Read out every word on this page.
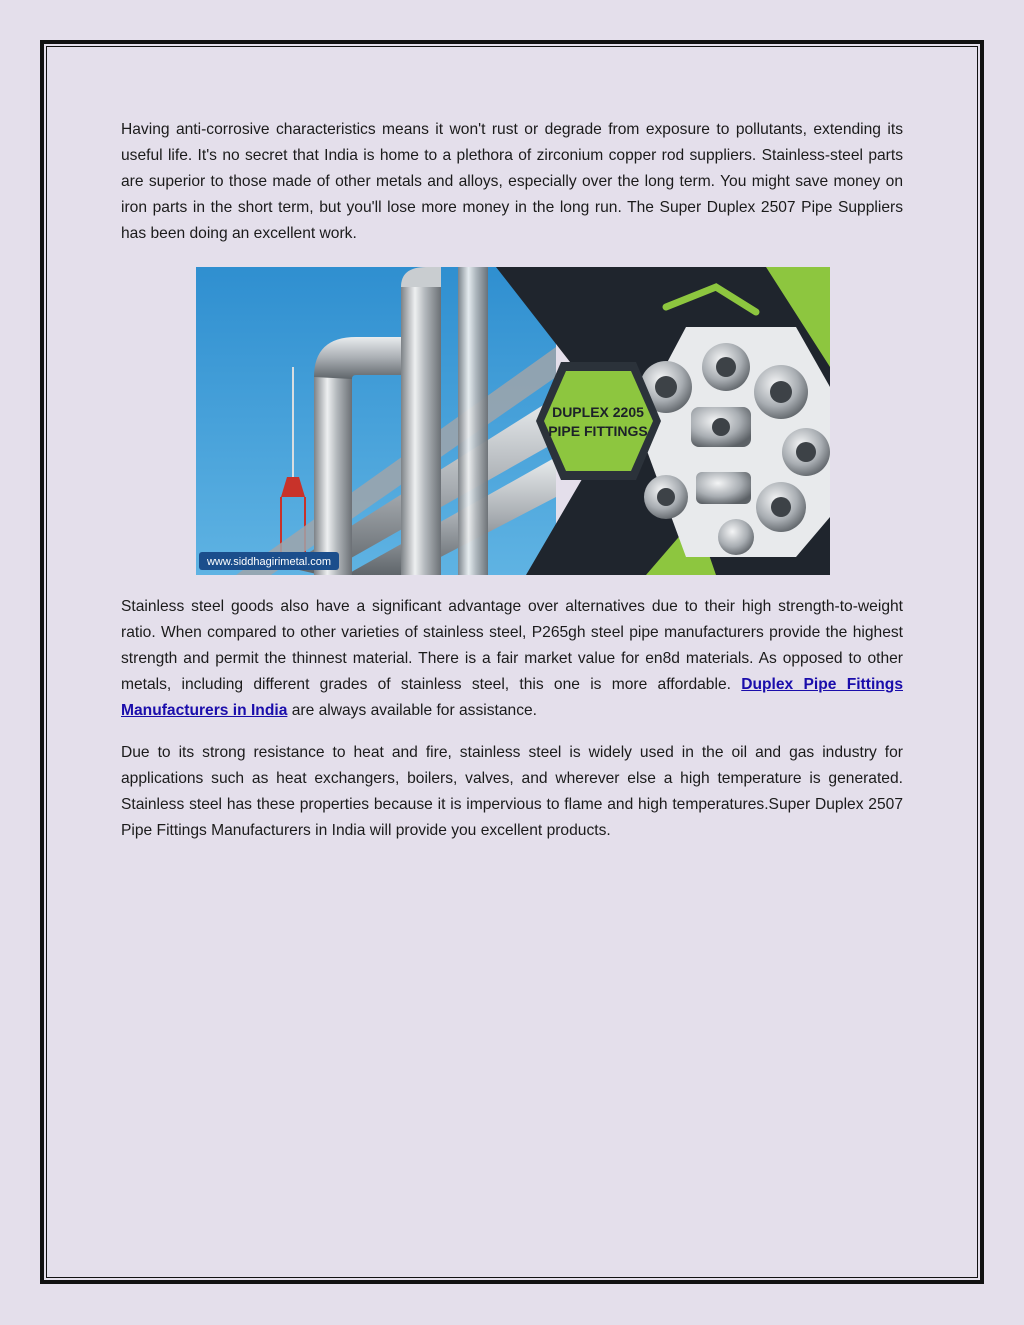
Having anti-corrosive characteristics means it won't rust or degrade from exposure to pollutants, extending its useful life. It's no secret that India is home to a plethora of zirconium copper rod suppliers. Stainless-steel parts are superior to those made of other metals and alloys, especially over the long term. You might save money on iron parts in the short term, but you'll lose more money in the long run. The Super Duplex 2507 Pipe Suppliers has been doing an excellent work.

DUPLEX 2205
PIPE FITTINGS
www.siddhagirimetal.com

Stainless steel goods also have a significant advantage over alternatives due to their high strength-to-weight ratio. When compared to other varieties of stainless steel, P265gh steel pipe manufacturers provide the highest strength and permit the thinnest material. There is a fair market value for en8d materials. As opposed to other metals, including different grades of stainless steel, this one is more affordable. Duplex Pipe Fittings Manufacturers in India are always available for assistance.

Due to its strong resistance to heat and fire, stainless steel is widely used in the oil and gas industry for applications such as heat exchangers, boilers, valves, and wherever else a high temperature is generated. Stainless steel has these properties because it is impervious to flame and high temperatures.Super Duplex 2507 Pipe Fittings Manufacturers in India will provide you excellent products.
